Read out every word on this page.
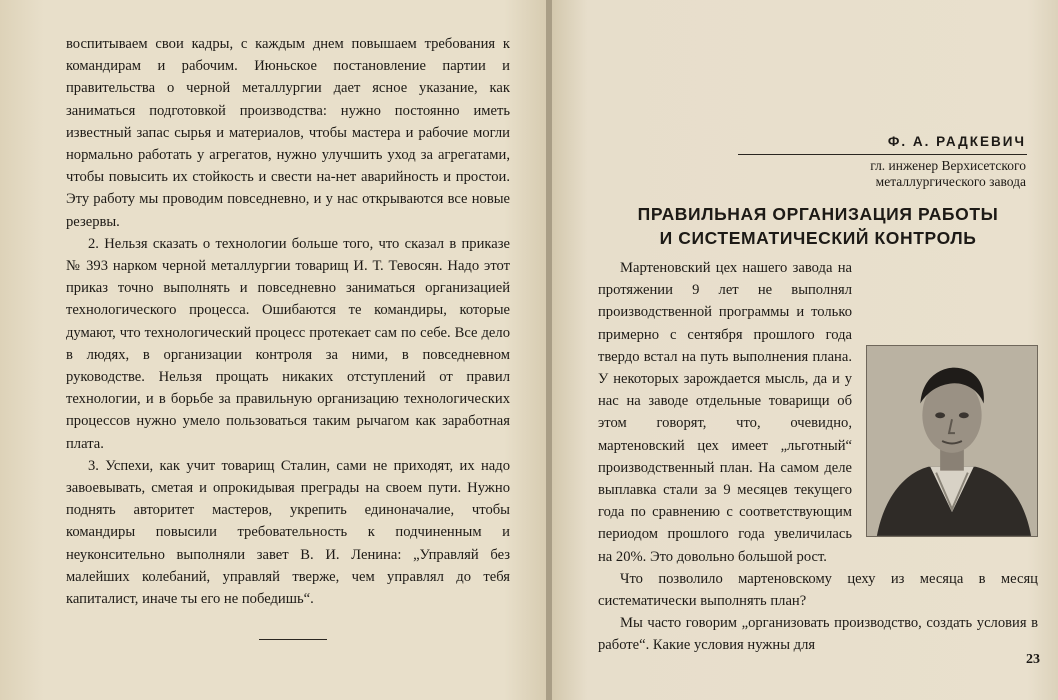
воспитываем свои кадры, с каждым днем повышаем требования к командирам и рабочим. Июньское постановление партии и правительства о черной металлургии дает ясное указание, как заниматься подготовкой производства: нужно постоянно иметь известный запас сырья и материалов, чтобы мастера и рабочие могли нормально работать у агрегатов, нужно улучшить уход за агрегатами, чтобы повысить их стойкость и свести на-нет аварийность и простои. Эту работу мы проводим повседневно, и у нас открываются все новые резервы.

2. Нельзя сказать о технологии больше того, что сказал в приказе № 393 нарком черной металлургии товарищ И. Т. Тевосян. Надо этот приказ точно выполнять и повседневно заниматься организацией технологического процесса. Ошибаются те командиры, которые думают, что технологический процесс протекает сам по себе. Все дело в людях, в организации контроля за ними, в повседневном руководстве. Нельзя прощать никаких отступлений от правил технологии, и в борьбе за правильную организацию технологических процессов нужно умело пользоваться таким рычагом как заработная плата.

3. Успехи, как учит товарищ Сталин, сами не приходят, их надо завоевывать, сметая и опрокидывая преграды на своем пути. Нужно поднять авторитет мастеров, укрепить единоначалие, чтобы командиры повысили требовательность к подчиненным и неуконсительно выполняли завет В. И. Ленина: „Управляй без малейших колебаний, управляй тверже, чем управлял до тебя капиталист, иначе ты его не победишь“.

Ф. А. РАДКЕВИЧ
гл. инженер Верхисетского металлургического завода
ПРАВИЛЬНАЯ ОРГАНИЗАЦИЯ РАБОТЫ
И СИСТЕМАТИЧЕСКИЙ КОНТРОЛЬ

Мартеновский цех нашего завода на протяжении 9 лет не выполнял производственной программы и только примерно с сентября прошлого года твердо встал на путь выполнения плана. У некоторых зарождается мысль, да и у нас на заводе отдельные товарищи об этом говорят, что, очевидно, мартеновский цех имеет „льготный“ производственный план. На самом деле выплавка стали за 9 месяцев текущего года по сравнению с соответствующим периодом прошлого года увеличилась на 20%. Это довольно большой рост.

Что позволило мартеновскому цеху из месяца в месяц систематически выполнять план?

Мы часто говорим „организовать производство, создать условия в работе“. Какие условия нужны для

23
